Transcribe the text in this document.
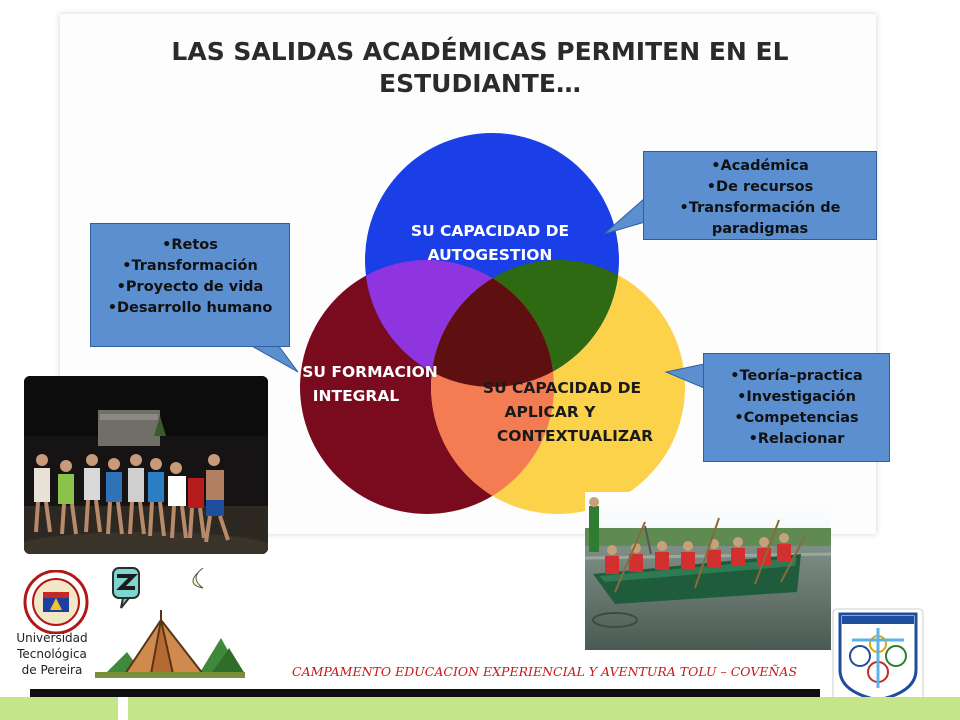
LAS SALIDAS ACADÉMICAS PERMITEN EN EL
ESTUDIANTE…
SU CAPACIDAD DE
AUTOGESTION
SU FORMACION
INTEGRAL	SU CAPACIDAD DE
APLICAR Y
CONTEXTUALIZAR
•Retos
•Transformación
•Proyecto de vida
•Desarrollo humano
•Académica
•De recursos
•Transformación de
paradigmas
•Teoría–practica
•Investigación
•Competencias
•Relacionar
Universidad
Tecnológica
de Pereira	CAMPAMENTO EDUCACION EXPERIENCIAL Y AVENTURA TOLU – COVEÑAS
